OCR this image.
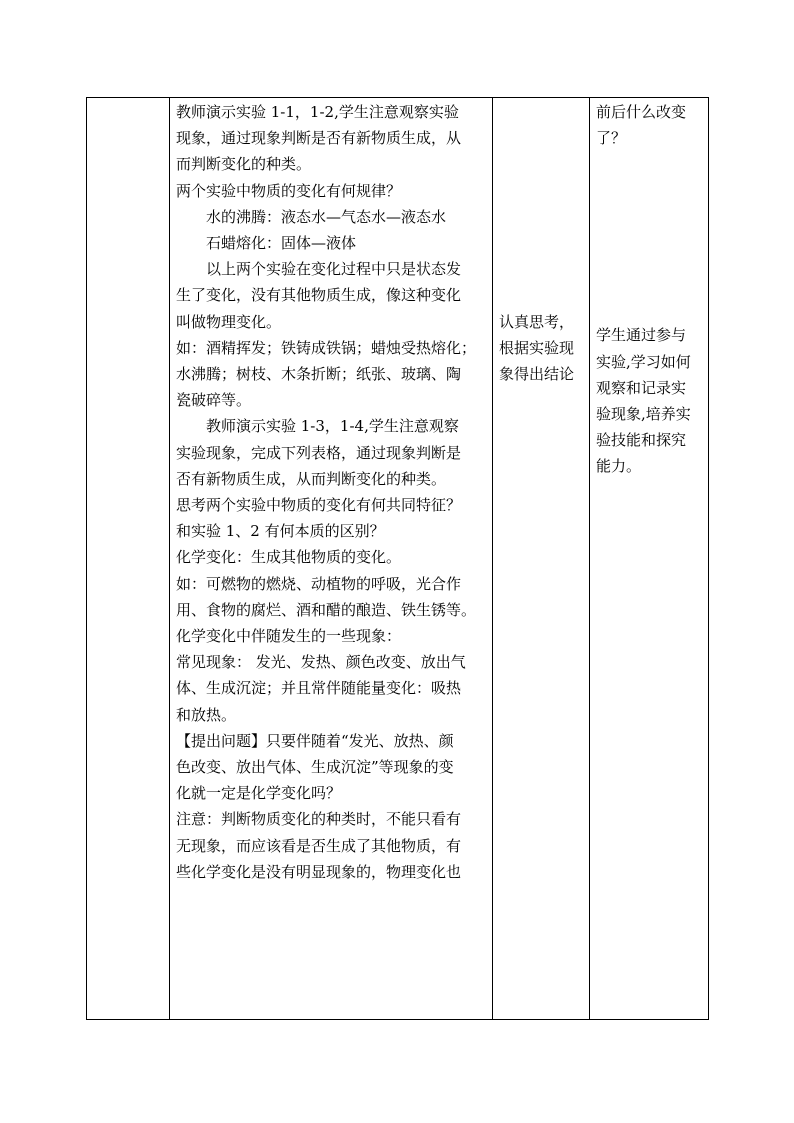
教师演示实验 1-1，1-2,学生注意观察实验
现象，通过现象判断是否有新物质生成，从
而判断变化的种类。
两个实验中物质的变化有何规律？
水的沸腾：液态水—气态水—液态水
石蜡熔化：固体—液体
以上两个实验在变化过程中只是状态发
生了变化，没有其他物质生成，像这种变化
叫做物理变化。
如：酒精挥发；铁铸成铁锅；蜡烛受热熔化；
水沸腾；树枝、木条折断；纸张、玻璃、陶
瓷破碎等。
教师演示实验 1-3，1-4,学生注意观察
实验现象，完成下列表格，通过现象判断是
否有新物质生成，从而判断变化的种类。
思考两个实验中物质的变化有何共同特征？
和实验 1、2 有何本质的区别？
化学变化：生成其他物质的变化。
如：可燃物的燃烧、动植物的呼吸，光合作
用、食物的腐烂、酒和醋的酿造、铁生锈等。
化学变化中伴随发生的一些现象：
常见现象： 发光、发热、颜色改变、放出气
体、生成沉淀；并且常伴随能量变化：吸热
和放热。
【提出问题】只要伴随着“发光、放热、颜
色改变、放出气体、生成沉淀”等现象的变
化就一定是化学变化吗？
注意：判断物质变化的种类时，不能只看有
无现象，而应该看是否生成了其他物质，有
些化学变化是没有明显现象的，物理变化也

认真思考，
根据实验现
象得出结论

前后什么改变
了？
学生通过参与
实验,学习如何
观察和记录实
验现象,培养实
验技能和探究
能力。
